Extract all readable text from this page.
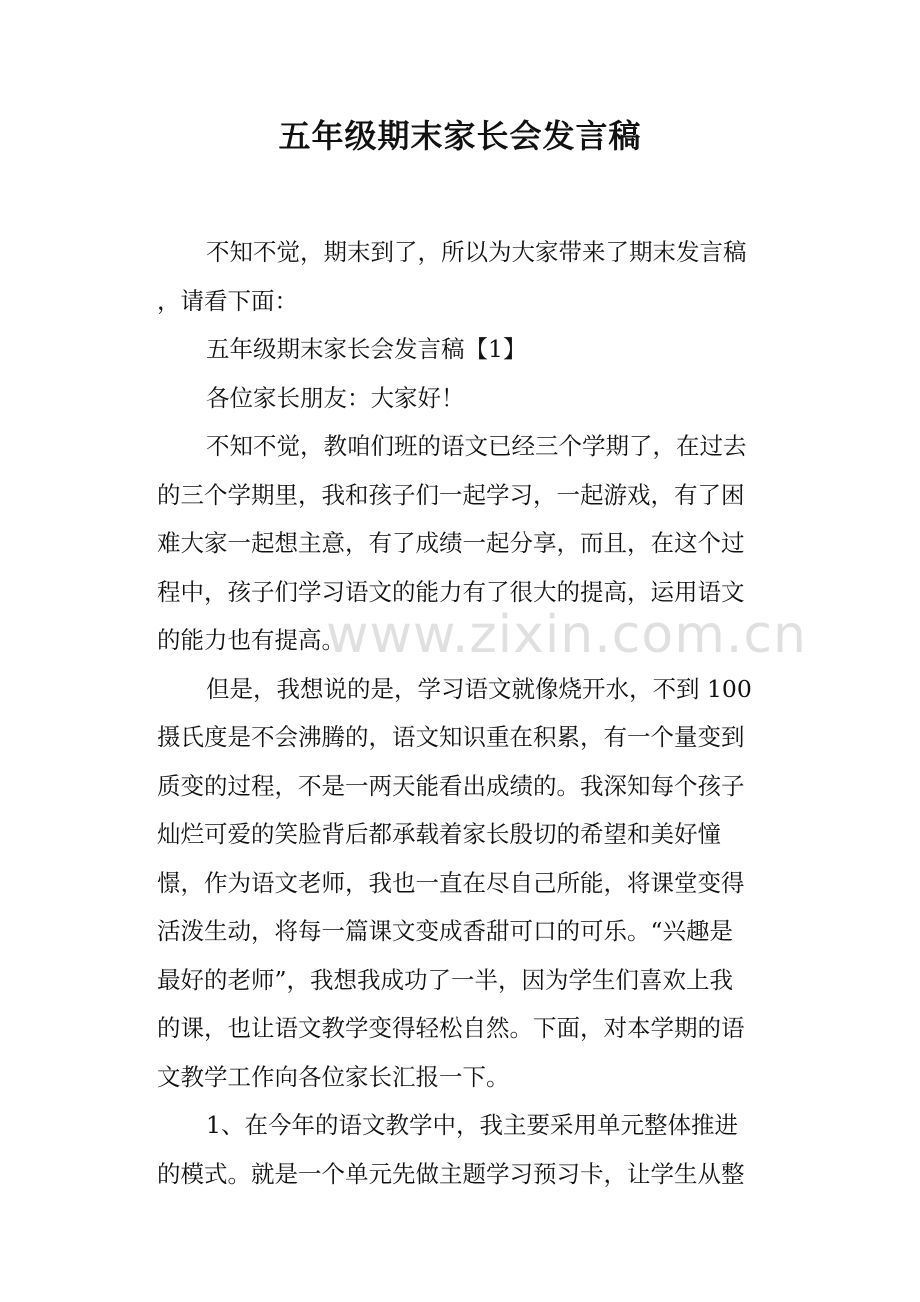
五年级期末家长会发言稿
不知不觉，期末到了，所以为大家带来了期末发言稿
，请看下面：
五年级期末家长会发言稿【1】
各位家长朋友：大家好！
不知不觉，教咱们班的语文已经三个学期了，在过去
的三个学期里，我和孩子们一起学习，一起游戏，有了困
难大家一起想主意，有了成绩一起分享，而且，在这个过
程中，孩子们学习语文的能力有了很大的提高，运用语文
的能力也有提高。
但是，我想说的是，学习语文就像烧开水，不到 100
摄氏度是不会沸腾的，语文知识重在积累，有一个量变到
质变的过程，不是一两天能看出成绩的。我深知每个孩子
灿烂可爱的笑脸背后都承载着家长殷切的希望和美好憧
憬，作为语文老师，我也一直在尽自己所能，将课堂变得
活泼生动，将每一篇课文变成香甜可口的可乐。“兴趣是
最好的老师”，我想我成功了一半，因为学生们喜欢上我
的课，也让语文教学变得轻松自然。下面，对本学期的语
文教学工作向各位家长汇报一下。
1、在今年的语文教学中，我主要采用单元整体推进
的模式。就是一个单元先做主题学习预习卡，让学生从整
www.zixin.com.cn
